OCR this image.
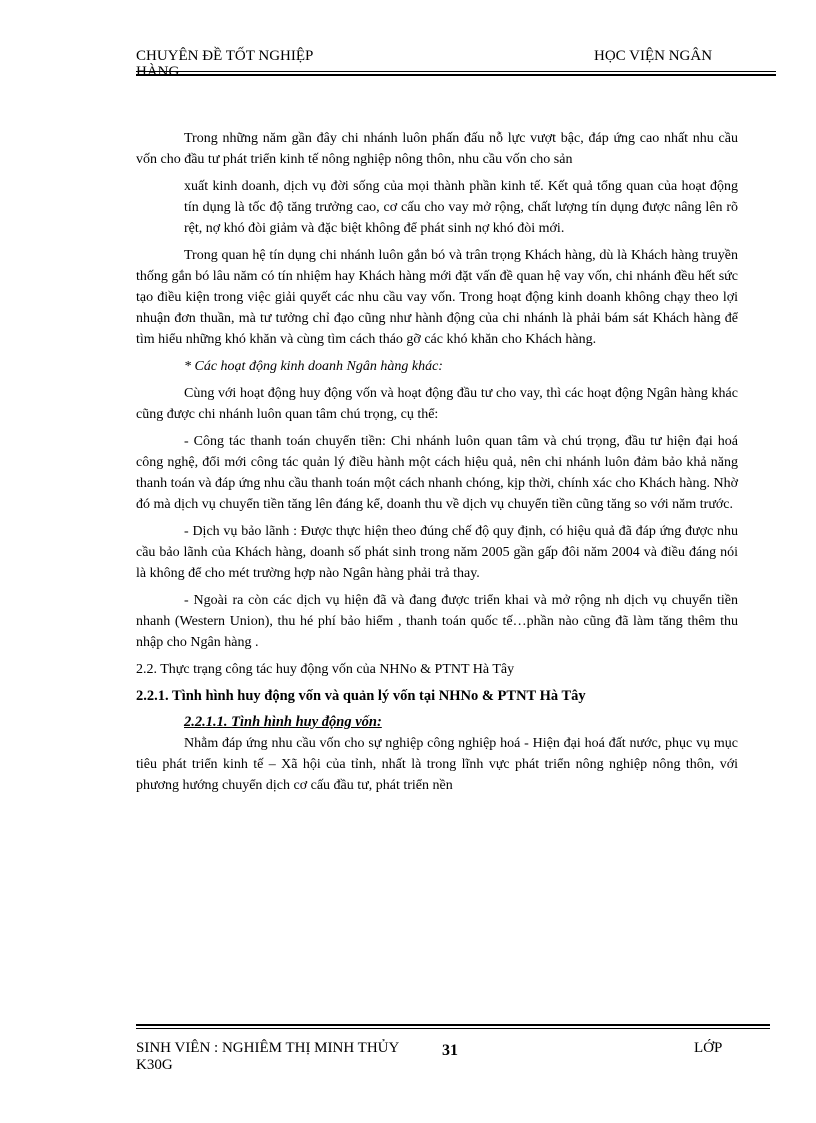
CHUYÊN ĐỀ TỐT NGHIỆP HÀNG
HỌC VIỆN NGÂN

Trong những năm gần đây chi nhánh luôn phấn đấu nỗ lực vượt bậc, đáp ứng cao nhất nhu cầu vốn cho đầu tư phát triển kinh tế nông nghiệp nông thôn, nhu cầu vốn cho sản

xuất kinh doanh, dịch vụ đời sống của mọi thành phần kinh tế. Kết quả tổng quan của hoạt động tín dụng là tốc độ tăng trưởng cao, cơ cấu cho vay mở rộng, chất lượng tín dụng được nâng lên rõ rệt, nợ khó đòi giảm và đặc biệt không để phát sinh nợ khó đòi mới.

Trong quan hệ tín dụng chi nhánh luôn gắn bó và trân trọng Khách hàng, dù là Khách hàng truyền thống gắn bó lâu năm có tín nhiệm hay Khách hàng mới đặt vấn đề quan hệ vay vốn, chi nhánh đều hết sức tạo điều kiện trong việc giải quyết các nhu cầu vay vốn. Trong hoạt động kinh doanh không chạy theo lợi nhuận đơn thuần, mà tư tưởng chỉ đạo cũng như hành động của chi nhánh là phải bám sát Khách hàng để tìm hiểu những khó khăn và cùng tìm cách tháo gỡ các khó khăn cho Khách hàng.

* Các hoạt động kinh doanh Ngân hàng khác:

Cùng với hoạt động huy động vốn và hoạt động đầu tư cho vay, thì các hoạt động Ngân hàng khác cũng được chi nhánh luôn quan tâm chú trọng, cụ thể:

- Công tác thanh toán chuyển tiền: Chi nhánh luôn quan tâm và chú trọng, đầu tư hiện đại hoá công nghệ, đổi mới công tác quản lý điều hành một cách hiệu quả, nên chi nhánh luôn đảm bảo khả năng thanh toán và đáp ứng nhu cầu thanh toán một cách nhanh chóng, kịp thời, chính xác cho Khách hàng. Nhờ đó mà dịch vụ chuyển tiền tăng lên đáng kể, doanh thu về dịch vụ chuyển tiền cũng tăng so với năm trước.

- Dịch vụ bảo lãnh : Được thực hiện theo đúng chế độ quy định, có hiệu quả đã đáp ứng được nhu cầu bảo lãnh của Khách hàng, doanh số phát sinh trong năm 2005 gần gấp đôi năm 2004 và điều đáng nói là không để cho mét trường hợp nào Ngân hàng phải trả thay.

- Ngoài ra còn các dịch vụ hiện đã và đang được triển khai và mở rộng nh dịch vụ chuyển tiền nhanh (Western Union), thu hé phí bảo hiểm , thanh toán quốc tế…phần nào cũng đã làm tăng thêm thu nhập cho Ngân hàng .

2.2. Thực trạng công tác huy động vốn của NHNo & PTNT Hà Tây

2.2.1. Tình hình huy động vốn và quản lý vốn tại NHNo & PTNT Hà Tây

2.2.1.1. Tình hình huy động vốn:

Nhằm đáp ứng nhu cầu vốn cho sự nghiệp công nghiệp hoá - Hiện đại hoá đất nước, phục vụ mục tiêu phát triển kinh tế – Xã hội của tỉnh, nhất là trong lĩnh vực phát triển nông nghiệp nông thôn, với phương hướng chuyển dịch cơ cấu đầu tư, phát triển nền

SINH VIÊN : NGHIÊM THỊ MINH THỦY K30G
31	LỚP
